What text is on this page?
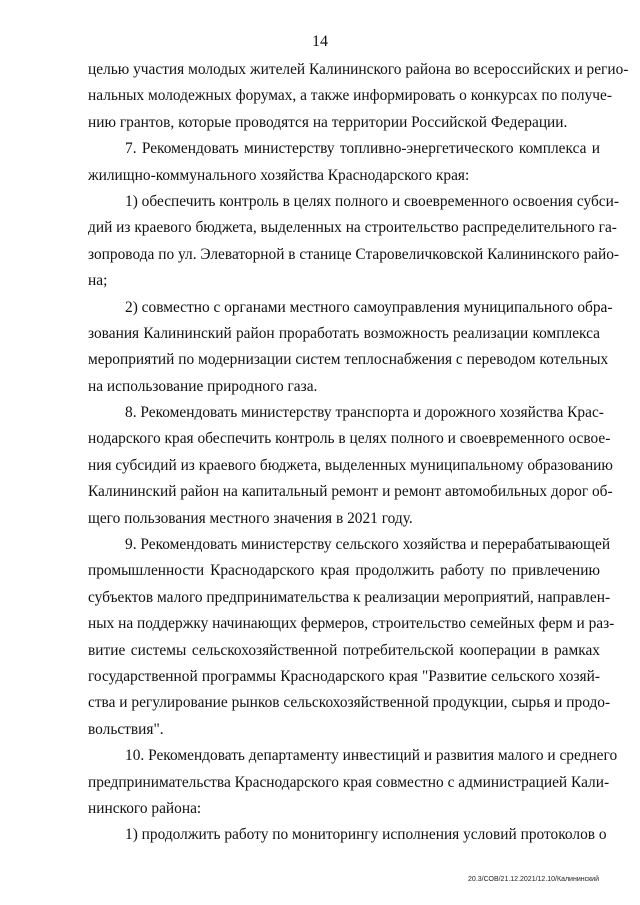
14
целью участия молодых жителей Калининского района во всероссийских и регио-
нальных молодежных форумах, а также информировать о конкурсах по получе-
нию грантов, которые проводятся на территории Российской Федерации.
7. Рекомендовать министерству топливно-энергетического комплекса и
жилищно-коммунального хозяйства Краснодарского края:
1) обеспечить контроль в целях полного и своевременного освоения субси-
дий из краевого бюджета, выделенных на строительство распределительного га-
зопровода по ул. Элеваторной в станице Старовеличковской Калининского райо-
на;
2) совместно с органами местного самоуправления муниципального обра-
зования Калининский район проработать возможность реализации комплекса
мероприятий по модернизации систем теплоснабжения с переводом котельных
на использование природного газа.
8. Рекомендовать министерству транспорта и дорожного хозяйства Крас-
нодарского края обеспечить контроль в целях полного и своевременного освое-
ния субсидий из краевого бюджета, выделенных муниципальному образованию
Калининский район на капитальный ремонт и ремонт автомобильных дорог об-
щего пользования местного значения в 2021 году.
9. Рекомендовать министерству сельского хозяйства и перерабатывающей
промышленности Краснодарского края продолжить работу по привлечению
субъектов малого предпринимательства к реализации мероприятий, направлен-
ных на поддержку начинающих фермеров, строительство семейных ферм и раз-
витие системы сельскохозяйственной потребительской кооперации в рамках
государственной программы Краснодарского края "Развитие сельского хозяй-
ства и регулирование рынков сельскохозяйственной продукции, сырья и продо-
вольствия".
10. Рекомендовать департаменту инвестиций и развития малого и среднего
предпринимательства Краснодарского края совместно с администрацией Кали-
нинского района:
1) продолжить работу по мониторингу исполнения условий протоколов о
20.3/СОВ/21.12.2021/12.10/Калининский
